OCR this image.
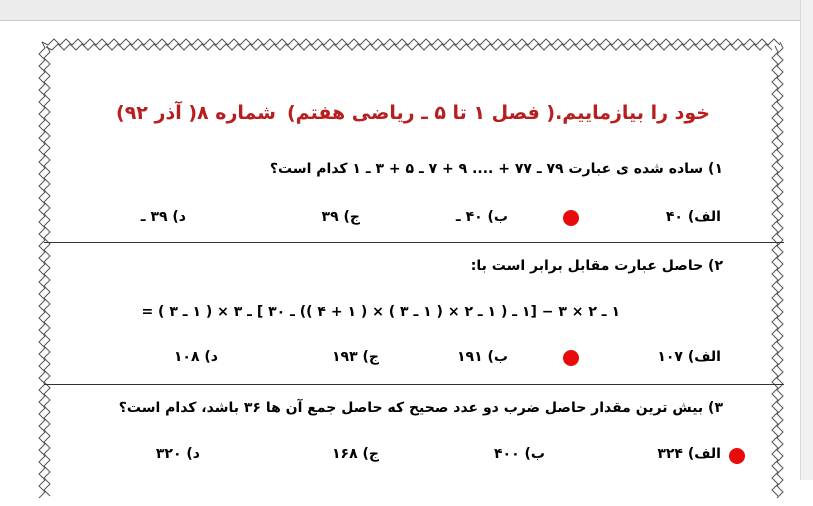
خود را بیازماییم.( فصل ۱ تا ۵ ـ ریاضی هفتم)
شماره ۸( آذر ۹۲)
۱) ساده شده ی عبارت ۷۹ ـ ۷۷ + .... ۹ + ۷ ـ ۵ + ۳ ـ ۱ کدام است؟
الف) ۴۰
ب) ۴۰ ـ
ج) ۳۹
د) ۳۹ ـ
۲) حاصل عبارت مقابل برابر است با:
۱ ـ ۲ × ۳ − [۱ ـ ( ۱ ـ ۲ × ( ۱ ـ ۳ ) × ( ۱ + ۴ )) ـ ۳۰ ] ـ ۳ × ( ۱ ـ ۳ ) =
الف) ۱۰۷
ب) ۱۹۱
ج) ۱۹۳
د) ۱۰۸
۳) بیش ترین مقدار حاصل ضرب دو عدد صحیح که حاصل جمع آن ها ۳۶ باشد، کدام است؟
الف) ۳۲۴
ب) ۴۰۰
ج) ۱۶۸
د) ۳۲۰
